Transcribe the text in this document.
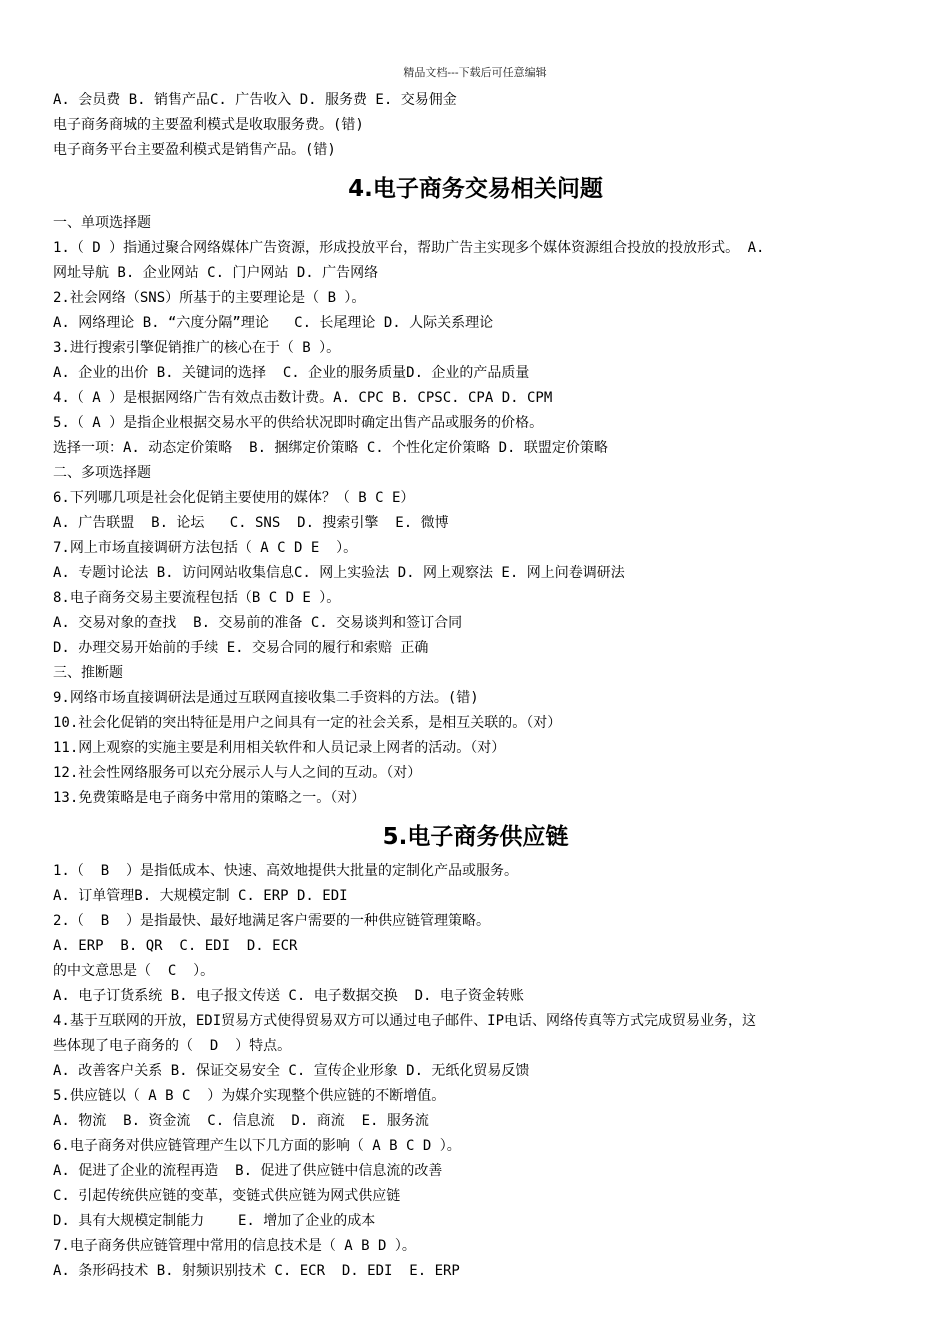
精品文档---下载后可任意编辑
A. 会员费 B. 销售产品C. 广告收入 D. 服务费 E. 交易佣金
电子商务商城的主要盈利模式是收取服务费。(错)
电子商务平台主要盈利模式是销售产品。(错)
4.电子商务交易相关问题
一、单项选择题
1.（ D ）指通过聚合网络媒体广告资源，形成投放平台，帮助广告主实现多个媒体资源组合投放的投放形式。 A.
网址导航 B. 企业网站 C. 门户网站 D. 广告网络
2.社会网络（SNS）所基于的主要理论是（ B ）。
A. 网络理论 B. “六度分隔”理论   C. 长尾理论 D. 人际关系理论
3.进行搜索引擎促销推广的核心在于（ B ）。
A. 企业的出价 B. 关键词的选择  C. 企业的服务质量D. 企业的产品质量
4.（ A ）是根据网络广告有效点击数计费。A. CPC B. CPSC. CPA D. CPM
5.（ A ）是指企业根据交易水平的供给状况即时确定出售产品或服务的价格。
选择一项：A. 动态定价策略  B. 捆绑定价策略 C. 个性化定价策略 D. 联盟定价策略
二、多项选择题
6.下列哪几项是社会化促销主要使用的媒体？（ B C E）
A. 广告联盟  B. 论坛   C. SNS  D. 搜索引擎  E. 微博
7.网上市场直接调研方法包括（ A C D E  ）。
A. 专题讨论法 B. 访问网站收集信息C. 网上实验法 D. 网上观察法 E. 网上问卷调研法
8.电子商务交易主要流程包括（B C D E ）。
A. 交易对象的查找  B. 交易前的准备 C. 交易谈判和签订合同
D. 办理交易开始前的手续 E. 交易合同的履行和索赔 正确
三、推断题
9.网络市场直接调研法是通过互联网直接收集二手资料的方法。(错)
10.社会化促销的突出特征是用户之间具有一定的社会关系，是相互关联的。（对）
11.网上观察的实施主要是利用相关软件和人员记录上网者的活动。（对）
12.社会性网络服务可以充分展示人与人之间的互动。（对）
13.免费策略是电子商务中常用的策略之一。（对）
5.电子商务供应链
1.（  B  ）是指低成本、快速、高效地提供大批量的定制化产品或服务。
A. 订单管理B. 大规模定制 C. ERP D. EDI
2.（  B  ）是指最快、最好地满足客户需要的一种供应链管理策略。
A. ERP  B. QR  C. EDI  D. ECR
的中文意思是（  C  ）。
A. 电子订货系统 B. 电子报文传送 C. 电子数据交换  D. 电子资金转账
4.基于互联网的开放，EDI贸易方式使得贸易双方可以通过电子邮件、IP电话、网络传真等方式完成贸易业务，这
些体现了电子商务的（  D  ）特点。
A. 改善客户关系 B. 保证交易安全 C. 宣传企业形象 D. 无纸化贸易反馈
5.供应链以（ A B C  ）为媒介实现整个供应链的不断增值。
A. 物流  B. 资金流  C. 信息流  D. 商流  E. 服务流
6.电子商务对供应链管理产生以下几方面的影响（ A B C D ）。
A. 促进了企业的流程再造  B. 促进了供应链中信息流的改善
C. 引起传统供应链的变革，变链式供应链为网式供应链
D. 具有大规模定制能力    E. 增加了企业的成本
7.电子商务供应链管理中常用的信息技术是（ A B D ）。
A. 条形码技术 B. 射频识别技术 C. ECR  D. EDI  E. ERP
